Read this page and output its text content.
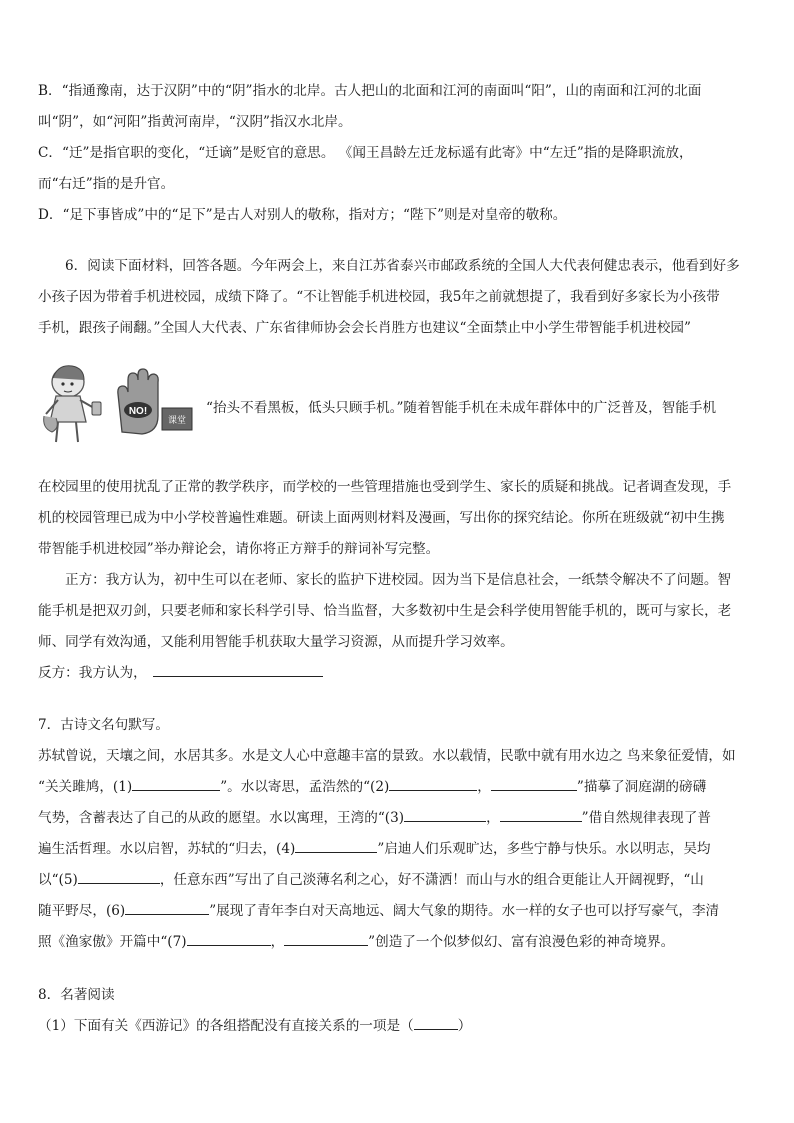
B．“指通豫南，达于汉阴”中的“阴”指水的北岸。古人把山的北面和江河的南面叫“阳”，山的南面和江河的北面
叫“阴”，如“河阳”指黄河南岸，“汉阴”指汉水北岸。
C．“迁”是指官职的变化，“迁谪”是贬官的意思。 《闻王昌龄左迁龙标遥有此寄》中“左迁”指的是降职流放，
而“右迁”指的是升官。
D．“足下事皆成”中的“足下”是古人对别人的敬称，指对方；“陛下”则是对皇帝的敬称。
6．阅读下面材料，回答各题。今年两会上，来自江苏省泰兴市邮政系统的全国人大代表何健忠表示，他看到好多
小孩子因为带着手机进校园，成绩下降了。“不让智能手机进校园，我5年之前就想提了，我看到好多家长为小孩带
手机，跟孩子闹翻。”全国人大代表、广东省律师协会会长肖胜方也建议“全面禁止中小学生带智能手机进校园”
NO!
课堂
“抬头不看黑板，低头只顾手机。”随着智能手机在未成年群体中的广泛普及，智能手机
在校园里的使用扰乱了正常的教学秩序，而学校的一些管理措施也受到学生、家长的质疑和挑战。记者调查发现，手
机的校园管理已成为中小学校普遍性难题。研读上面两则材料及漫画，写出你的探究结论。你所在班级就“初中生携
带智能手机进校园”举办辩论会，请你将正方辩手的辩词补写完整。
正方：我方认为，初中生可以在老师、家长的监护下进校园。因为当下是信息社会，一纸禁令解决不了问题。智
能手机是把双刃剑，只要老师和家长科学引导、恰当监督，大多数初中生是会科学使用智能手机的，既可与家长，老
师、同学有效沟通，又能利用智能手机获取大量学习资源，从而提升学习效率。
反方：我方认为，
7．古诗文名句默写。
苏轼曾说，天壤之间，水居其多。水是文人心中意趣丰富的景致。水以载情，民歌中就有用水边之 鸟来象征爱情，如
“关关雎鸠，(1)	”。水以寄思，孟浩然的“(2)	，	”描摹了洞庭湖的磅礴
气势，含蓄表达了自己的从政的愿望。水以寓理，王湾的“(3)	，	”借自然规律表现了普
遍生活哲理。水以启智，苏轼的“归去，(4)	”启迪人们乐观旷达，多些宁静与快乐。水以明志，吴均
以“(5)	，任意东西”写出了自己淡薄名利之心，好不潇洒！而山与水的组合更能让人开阔视野，“山
随平野尽，(6)	”展现了青年李白对天高地远、阔大气象的期待。水一样的女子也可以抒写豪气，李清
照《渔家傲》开篇中“(7)	，	”创造了一个似梦似幻、富有浪漫色彩的神奇境界。
8．名著阅读
（1）下面有关《西游记》的各组搭配没有直接关系的一项是（	）
